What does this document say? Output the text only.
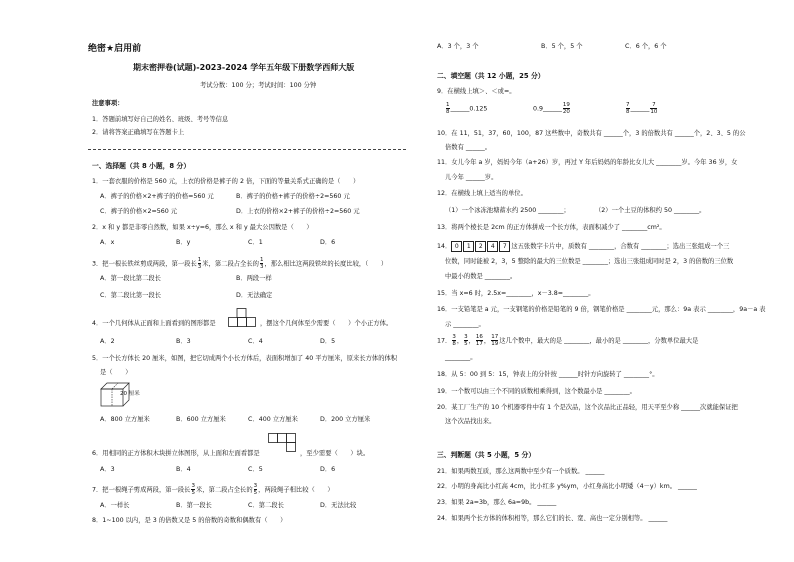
绝密★启用前
期末密押卷(试题)-2023-2024 学年五年级下册数学西师大版
考试分数：100 分；考试时间：100 分钟
注意事项：
1．答题前填写好自己的姓名、班级、考号等信息
2．请将答案正确填写在答题卡上
一、选择题（共 8 小题，8 分）
1．一套衣服的价格是 560 元，上衣的价格是裤子的 2 倍，下面的等量关系式正确的是（　　）
A．裤子的价格×2+裤子的价格=560 元	B．裤子的价格+裤子的价格÷2=560 元
C．裤子的价格×2=560 元	D．上衣的价格×2+裤子的价格÷2=560 元
2．x 和 y 都是非零自然数，如果 x÷y=6，那么 x 和 y 最大公因数是（　　）
A．x	B．y	C．1	D．6
3．把一根长铁丝剪成两段，第一段长 $\frac{1}{3}$ 米，第二段占全长的 $\frac{1}{3}$ ，那么相比这两段铁丝的长度比较，（　　）
A．第一段比第二段长	B．两段一样
C．第二段比第一段长	D．无法确定
4．一个几何体从正面和上面看到的图形都是	，摆这个几何体至少需要（　　）个小正方体。
A．2	B．3	C．4	D．5
5．一个长方体长 20 厘米，如图，把它切成两个小长方体后，表面积增加了 40 平方厘米，原来长方体的体积
是（　　）
20 厘米
A．800 立方厘米	B．600 立方厘米	C．400 立方厘米	D．200 立方厘米
6．用相同的正方体积木块拼立体图形，从上面和左面看都是	，至少需要（　　）块。
A．3	B．4	C．5	D．6
7．把一根绳子剪成两段，第一段长 $\frac{3}{5}$ 米，第二段占全长的 $\frac{3}{5}$ ，两段绳子相比较（　　）
A．一样长	B．第一段长	C．第二段长	D．无法比较
8．1~100 以内，是 3 的倍数又是 5 的倍数的奇数和偶数有（　　）
A．3 个，3 个	B．5 个，5 个	C．6 个，6 个
二、填空题（共 12 小题，25 分）
9．在横线上填＞、＜或=。
$\frac{1}{8}$ ______0.125	0.9______ $\frac{19}{20}$	$\frac{7}{8}$ ______ $\frac{7}{10}$
10．在 11，51，37，60，100，87 这些数中，奇数共有 ______个，3 的倍数共有 ______个，2、3、5 的公
倍数有 ______。
11．女儿今年 a 岁，妈妈今年（a+26）岁，再过 Y 年后妈妈的年龄比女儿大 ________岁。今年 36 岁，女
儿今年 ______岁。
12．在横线上填上适当的单位。
（1）一个冰冻池塘蓄水约 2500 ________；	（2）一个土豆的体积约 50 ________。
13．将两个棱长是 2cm 的正方体拼成一个长方体，表面积减少了 ________cm²。
14． 0 1 2 4 7 这五张数字卡片中，质数有 ________，合数有 ________；选出三张组成一个三
位数，同时能被 2，3，5 整除的最大的三位数是 ________；选出三张组成同时是 2，3 的倍数的三位数
中最小的数是 ________。
15．当 x=6 时，2.5x=________，x－3.8=________。
16．一支铅笔是 a 元，一支钢笔的价格是铅笔的 9 倍，钢笔价格是 ________元，那么：9a 表示 ________，9a－a 表
示 ________。
17． $\frac{3}{8}$ ， $\frac{3}{5}$ ， $\frac{16}{17}$ ， $\frac{17}{19}$ 这几个数中，最大的是 ________，最小的是 ________，分数单位最大是
________。
18．从 5：00 到 5：15，钟表上的分针按 ______时针方向旋转了 ________°。
19．一个数可以由三个不同的质数相乘得到，这个数最小是 ________。
20．某工厂生产的 10 个机器零件中有 1 个是次品，这个次品比正品轻，用天平至少称 ______次就能保证把
这个次品找出来。
三、判断题（共 5 小题，5 分）
21．如果两数互质，那么这两数中至少有一个质数。 ______
22．小明的身高比小红高 4cm，比小红多 y%ym，小红身高比小明矮（4－y）km。 ______
23．如果 2a=3b，那么 6a=9b。 ______
24．如果两个长方体的体积相等，那么它们的长、宽、高也一定分别相等。 ______
